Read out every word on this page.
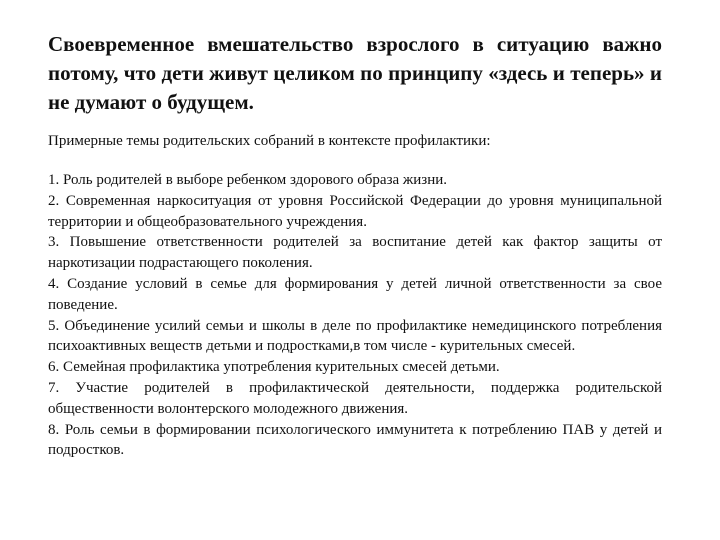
Своевременное вмешательство взрослого в ситуацию важно потому, что дети живут целиком по принципу «здесь и теперь» и не думают о будущем.

Примерные темы родительских собраний в контексте профилактики:

1. Роль родителей в выборе ребенком здорового образа жизни.
2. Современная наркоситуация от уровня Российской Федерации до уровня муниципальной территории и общеобразовательного учреждения.
3. Повышение ответственности родителей за воспитание детей как фактор защиты от наркотизации подрастающего поколения.
4. Создание условий в семье для формирования у детей личной ответственности за свое поведение.
5. Объединение усилий семьи и школы в деле по профилактике немедицинского потребления психоактивных веществ детьми и подростками,в том числе - курительных смесей.
6. Семейная профилактика употребления курительных смесей детьми.
7. Участие родителей в профилактической деятельности, поддержка родительской общественности волонтерского молодежного движения.
8. Роль семьи в формировании психологического иммунитета к потреблению ПАВ у детей и подростков.
